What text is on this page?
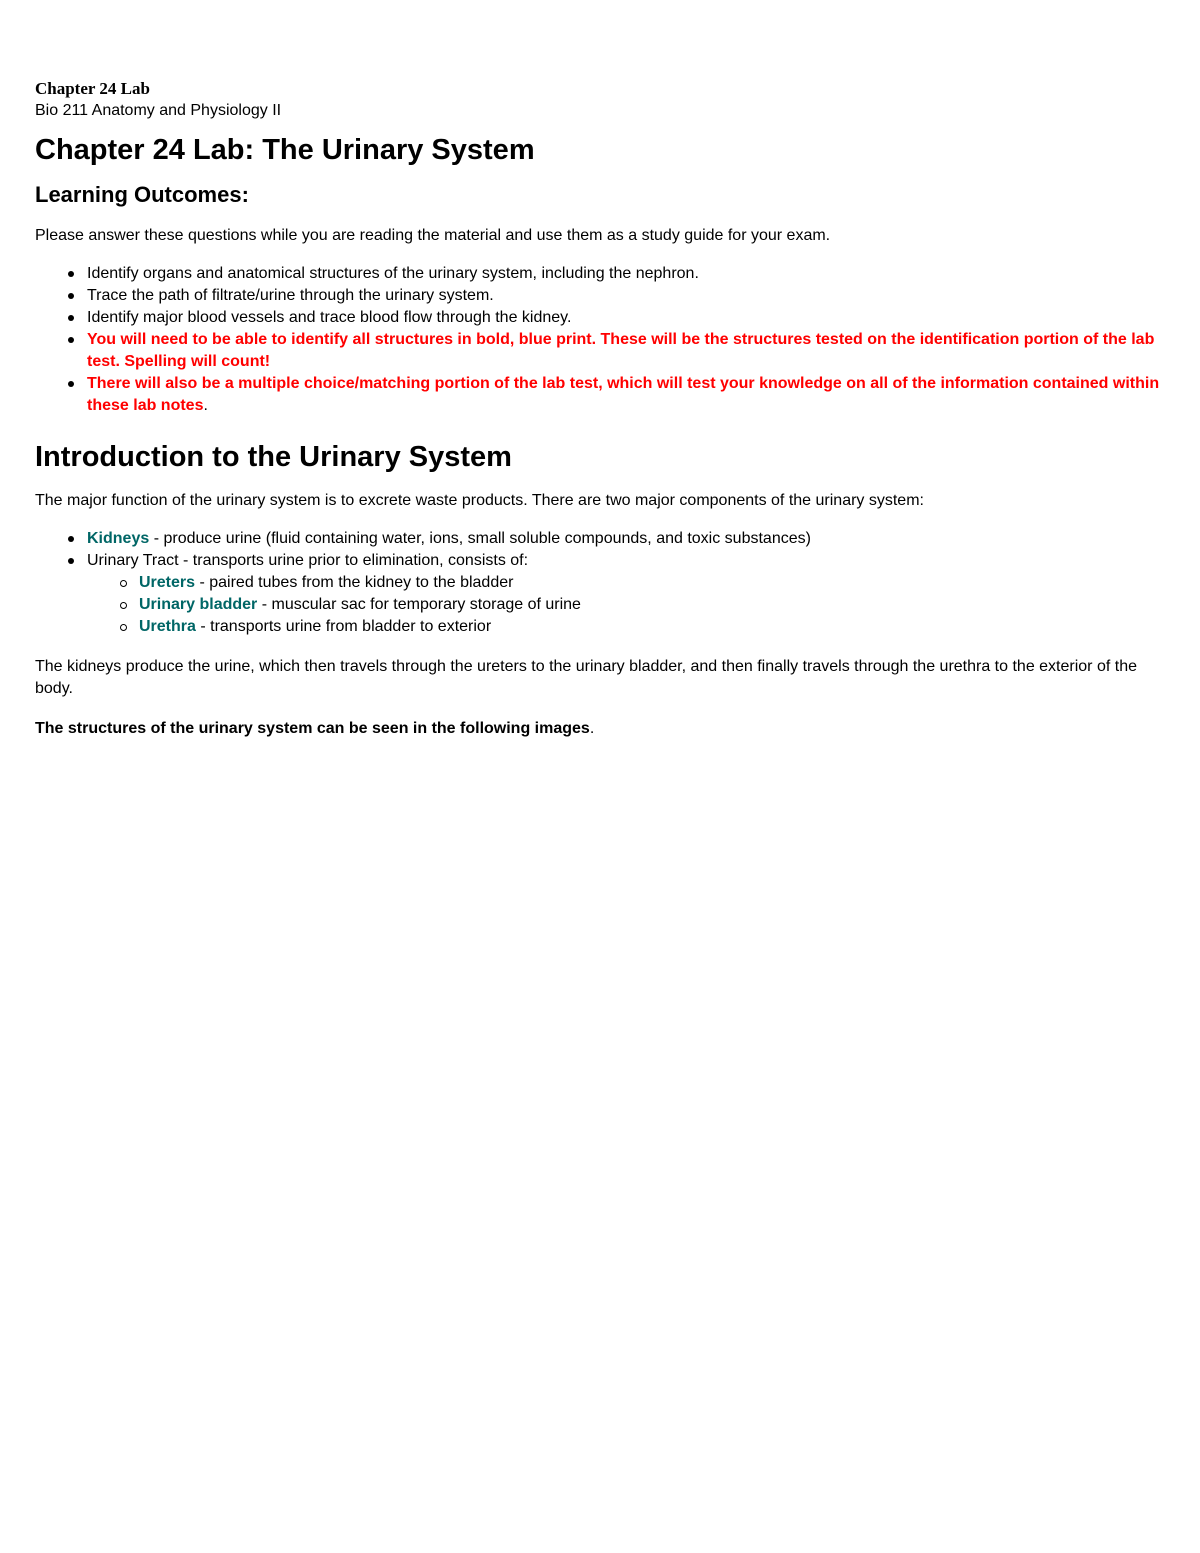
Chapter 24 Lab

Bio 211 Anatomy and Physiology II

Chapter 24 Lab: The Urinary System
Learning Outcomes:

Please answer these questions while you are reading the material and use them as a study guide for your exam.

Identify organs and anatomical structures of the urinary system, including the nephron.
Trace the path of filtrate/urine through the urinary system.
Identify major blood vessels and trace blood flow through the kidney.
You will need to be able to identify all structures in bold, blue print. These will be the structures tested on the identification portion of the lab test. Spelling will count!
There will also be a multiple choice/matching portion of the lab test, which will test your knowledge on all of the information contained within these lab notes.
Introduction to the Urinary System

The major function of the urinary system is to excrete waste products. There are two major components of the urinary system:

Kidneys - produce urine (fluid containing water, ions, small soluble compounds, and toxic substances)
Urinary Tract - transports urine prior to elimination, consists of:
Ureters - paired tubes from the kidney to the bladder
Urinary bladder - muscular sac for temporary storage of urine
Urethra - transports urine from bladder to exterior

The kidneys produce the urine, which then travels through the ureters to the urinary bladder, and then finally travels through the urethra to the exterior of the body.

The structures of the urinary system can be seen in the following images.
